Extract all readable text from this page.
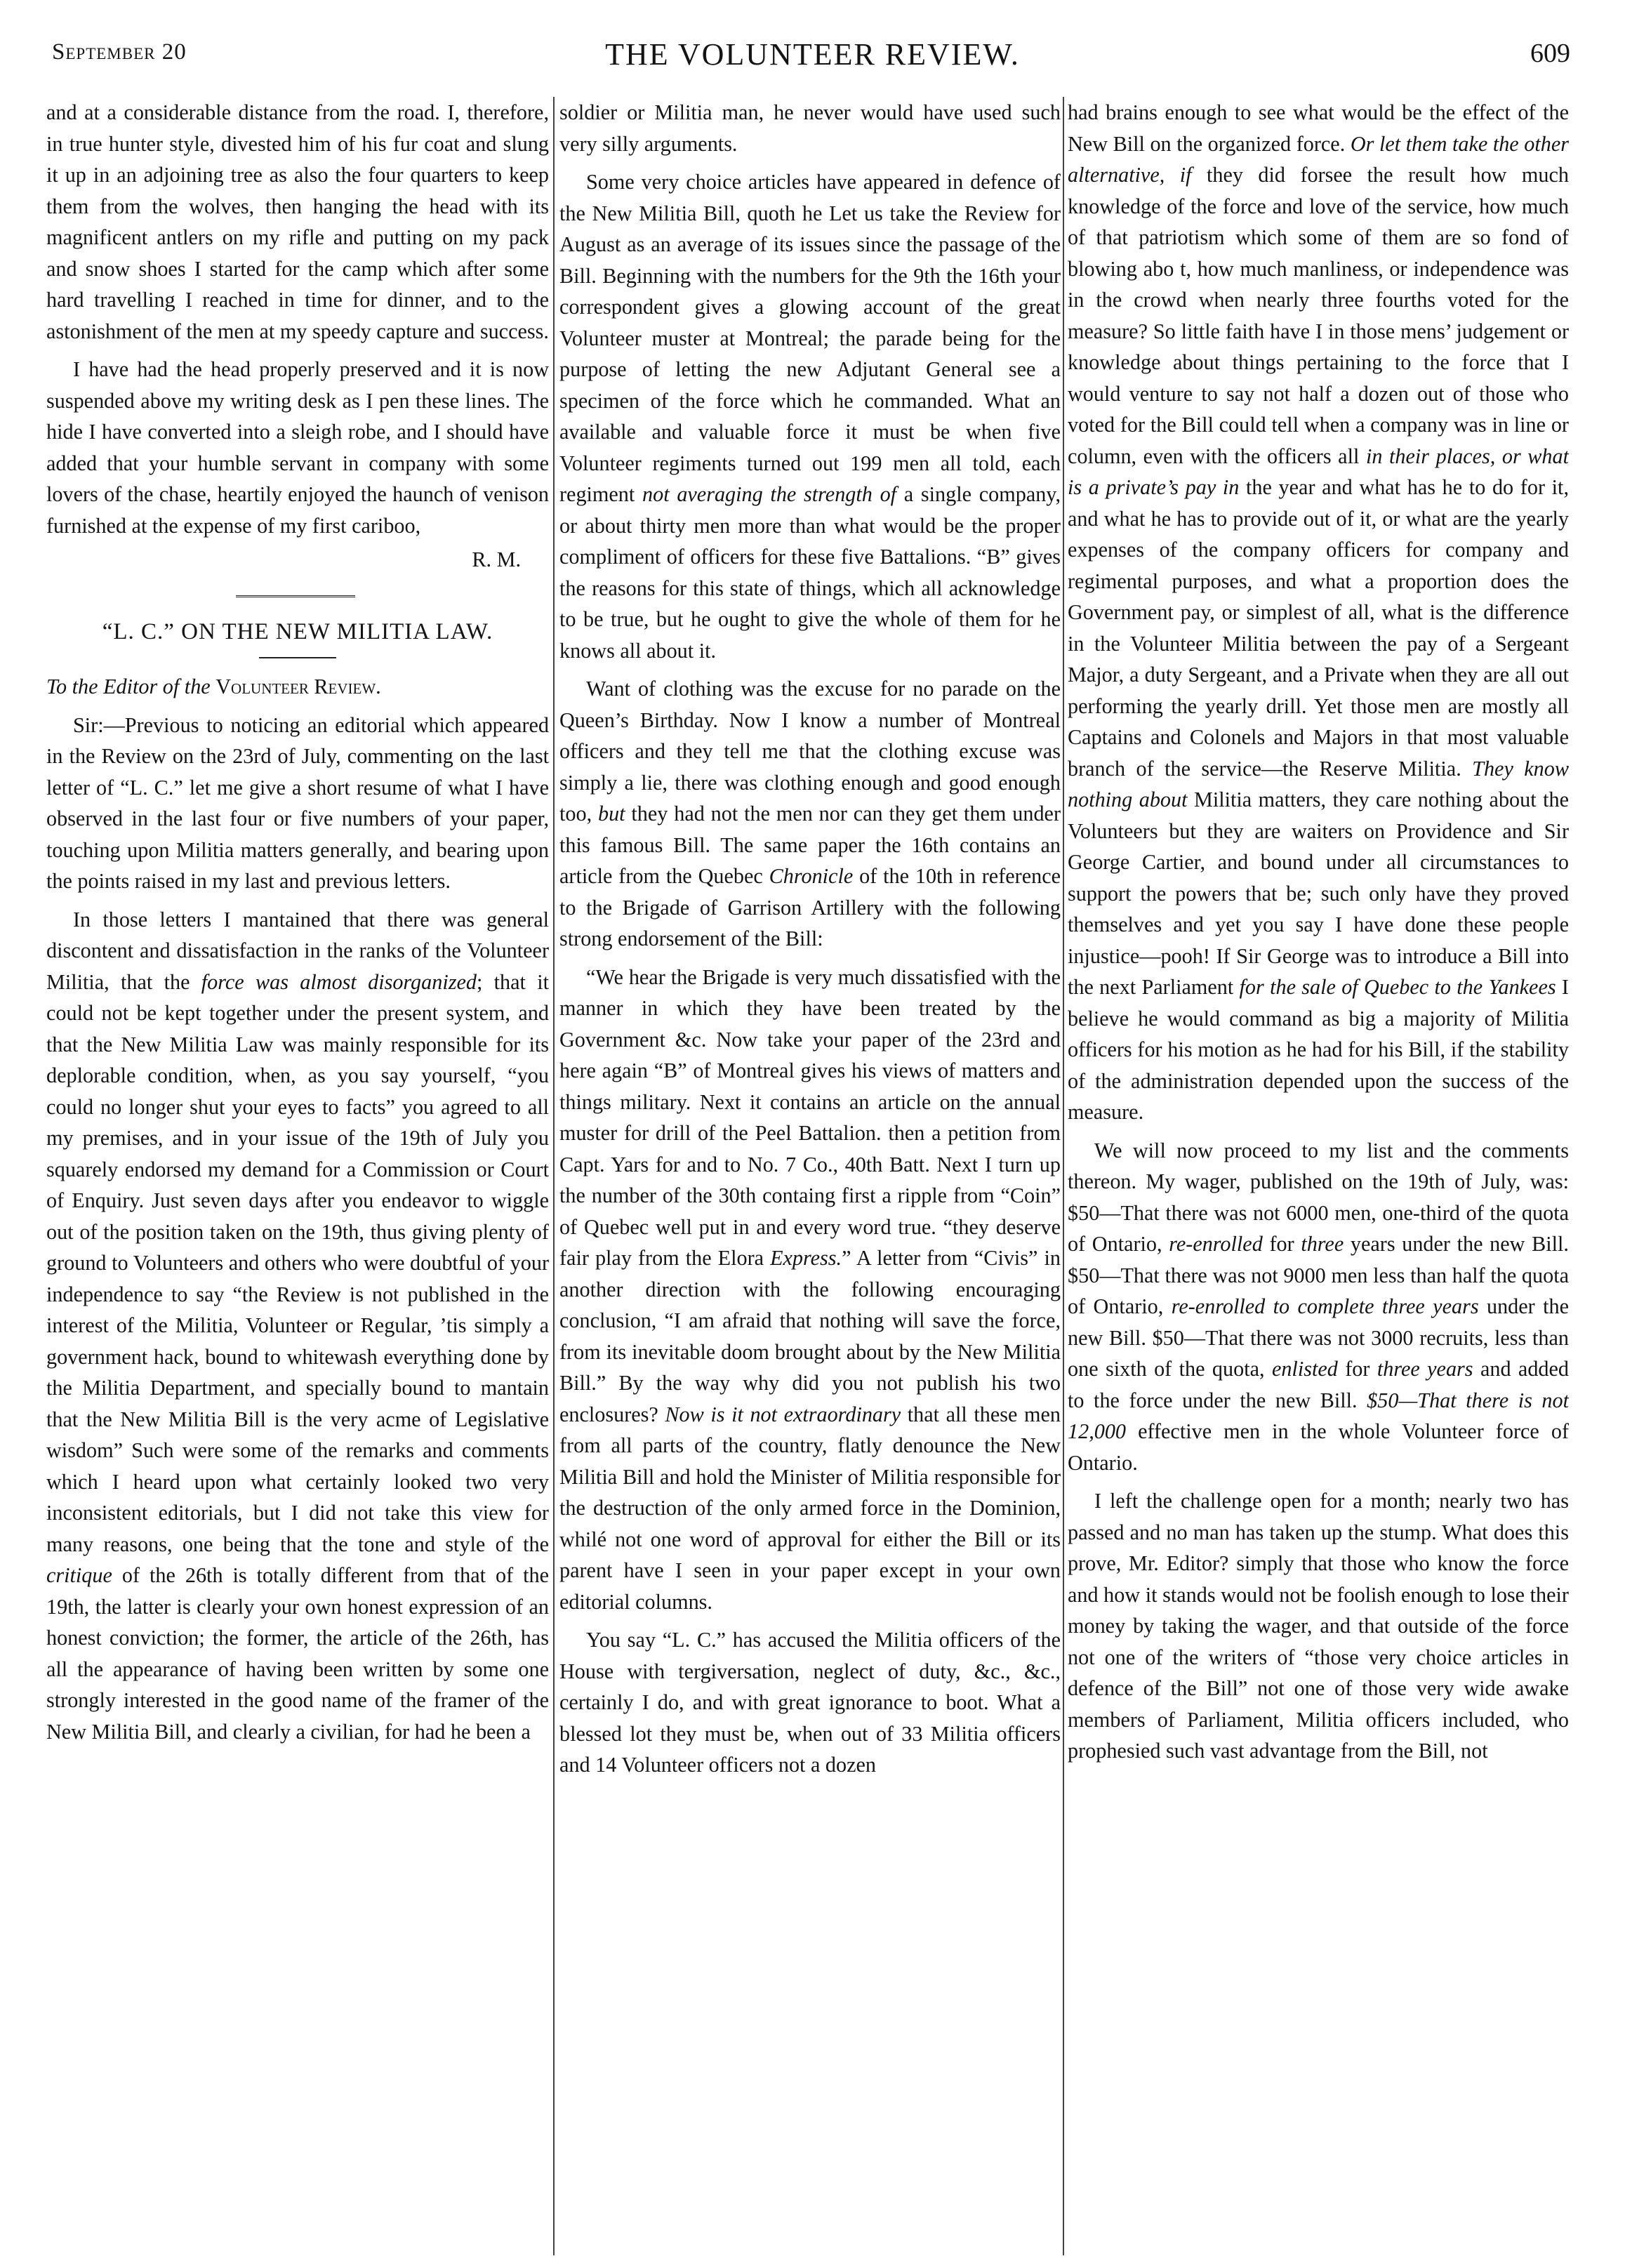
September 20	THE VOLUNTEER REVIEW.	609

and at a considerable distance from the road. I, therefore, in true hunter style, divested him of his fur coat and slung it up in an adjoining tree as also the four quarters to keep them from the wolves, then hanging the head with its magnificent antlers on my rifle and putting on my pack and snow shoes I started for the camp which after some hard travelling I reached in time for dinner, and to the astonishment of the men at my speedy capture and success.

I have had the head properly preserved and it is now suspended above my writing desk as I pen these lines. The hide I have converted into a sleigh robe, and I should have added that your humble servant in company with some lovers of the chase, heartily enjoyed the haunch of venison furnished at the expense of my first cariboo,

R. M.
“L. C.” ON THE NEW MILITIA LAW.

To the Editor of the Volunteer Review.

Sir:—Previous to noticing an editorial which appeared in the Review on the 23rd of July, commenting on the last letter of “L. C.” let me give a short resume of what I have observed in the last four or five numbers of your paper, touching upon Militia matters generally, and bearing upon the points raised in my last and previous letters.

In those letters I mantained that there was general discontent and dissatisfaction in the ranks of the Volunteer Militia, that the force was almost disorganized; that it could not be kept together under the present system, and that the New Militia Law was mainly responsible for its deplorable condition, when, as you say yourself, “you could no longer shut your eyes to facts” you agreed to all my premises, and in your issue of the 19th of July you squarely endorsed my demand for a Commission or Court of Enquiry. Just seven days after you endeavor to wiggle out of the position taken on the 19th, thus giving plenty of ground to Volunteers and others who were doubtful of your independence to say “the Review is not published in the interest of the Militia, Volunteer or Regular, ’tis simply a government hack, bound to whitewash everything done by the Militia Department, and specially bound to mantain that the New Militia Bill is the very acme of Legislative wisdom” Such were some of the remarks and comments which I heard upon what certainly looked two very inconsistent editorials, but I did not take this view for many reasons, one being that the tone and style of the critique of the 26th is totally different from that of the 19th, the latter is clearly your own honest expression of an honest conviction; the former, the article of the 26th, has all the appearance of having been written by some one strongly interested in the good name of the framer of the New Militia Bill, and clearly a civilian, for had he been a

soldier or Militia man, he never would have used such very silly arguments.

Some very choice articles have appeared in defence of the New Militia Bill, quoth he Let us take the Review for August as an average of its issues since the passage of the Bill. Beginning with the numbers for the 9th the 16th your correspondent gives a glowing account of the great Volunteer muster at Montreal; the parade being for the purpose of letting the new Adjutant General see a specimen of the force which he commanded. What an available and valuable force it must be when five Volunteer regiments turned out 199 men all told, each regiment not averaging the strength of a single company, or about thirty men more than what would be the proper compliment of officers for these five Battalions. “B” gives the reasons for this state of things, which all acknowledge to be true, but he ought to give the whole of them for he knows all about it.

Want of clothing was the excuse for no parade on the Queen’s Birthday. Now I know a number of Montreal officers and they tell me that the clothing excuse was simply a lie, there was clothing enough and good enough too, but they had not the men nor can they get them under this famous Bill. The same paper the 16th contains an article from the Quebec Chronicle of the 10th in reference to the Brigade of Garrison Artillery with the following strong endorsement of the Bill:

“We hear the Brigade is very much dissatisfied with the manner in which they have been treated by the Government &c. Now take your paper of the 23rd and here again “B” of Montreal gives his views of matters and things military. Next it contains an article on the annual muster for drill of the Peel Battalion. then a petition from Capt. Yars for and to No. 7 Co., 40th Batt. Next I turn up the number of the 30th containg first a ripple from “Coin” of Quebec well put in and every word true. “they deserve fair play from the Elora Express.” A letter from “Civis” in another direction with the following encouraging conclusion, “I am afraid that nothing will save the force, from its inevitable doom brought about by the New Militia Bill.” By the way why did you not publish his two enclosures? Now is it not extraordinary that all these men from all parts of the country, flatly denounce the New Militia Bill and hold the Minister of Militia responsible for the destruction of the only armed force in the Dominion, whilé not one word of approval for either the Bill or its parent have I seen in your paper except in your own editorial columns.

You say “L. C.” has accused the Militia officers of the House with tergiversation, neglect of duty, &c., &c., certainly I do, and with great ignorance to boot. What a blessed lot they must be, when out of 33 Militia officers and 14 Volunteer officers not a dozen

had brains enough to see what would be the effect of the New Bill on the organized force. Or let them take the other alternative, if they did forsee the result how much knowledge of the force and love of the service, how much of that patriotism which some of them are so fond of blowing abo t, how much manliness, or independence was in the crowd when nearly three fourths voted for the measure? So little faith have I in those mens’ judgement or knowledge about things pertaining to the force that I would venture to say not half a dozen out of those who voted for the Bill could tell when a company was in line or column, even with the officers all in their places, or what is a private’s pay in the year and what has he to do for it, and what he has to provide out of it, or what are the yearly expenses of the company officers for company and regimental purposes, and what a proportion does the Government pay, or simplest of all, what is the difference in the Volunteer Militia between the pay of a Sergeant Major, a duty Sergeant, and a Private when they are all out performing the yearly drill. Yet those men are mostly all Captains and Colonels and Majors in that most valuable branch of the service—the Reserve Militia. They know nothing about Militia matters, they care nothing about the Volunteers but they are waiters on Providence and Sir George Cartier, and bound under all circumstances to support the powers that be; such only have they proved themselves and yet you say I have done these people injustice—pooh! If Sir George was to introduce a Bill into the next Parliament for the sale of Quebec to the Yankees I believe he would command as big a majority of Militia officers for his motion as he had for his Bill, if the stability of the administration depended upon the success of the measure.

We will now proceed to my list and the comments thereon. My wager, published on the 19th of July, was: $50—That there was not 6000 men, one-third of the quota of Ontario, re-enrolled for three years under the new Bill. $50—That there was not 9000 men less than half the quota of Ontario, re-enrolled to complete three years under the new Bill. $50—That there was not 3000 recruits, less than one sixth of the quota, enlisted for three years and added to the force under the new Bill. $50—That there is not 12,000 effective men in the whole Volunteer force of Ontario.

I left the challenge open for a month; nearly two has passed and no man has taken up the stump. What does this prove, Mr. Editor? simply that those who know the force and how it stands would not be foolish enough to lose their money by taking the wager, and that outside of the force not one of the writers of “those very choice articles in defence of the Bill” not one of those very wide awake members of Parliament, Militia officers included, who prophesied such vast advantage from the Bill, not
